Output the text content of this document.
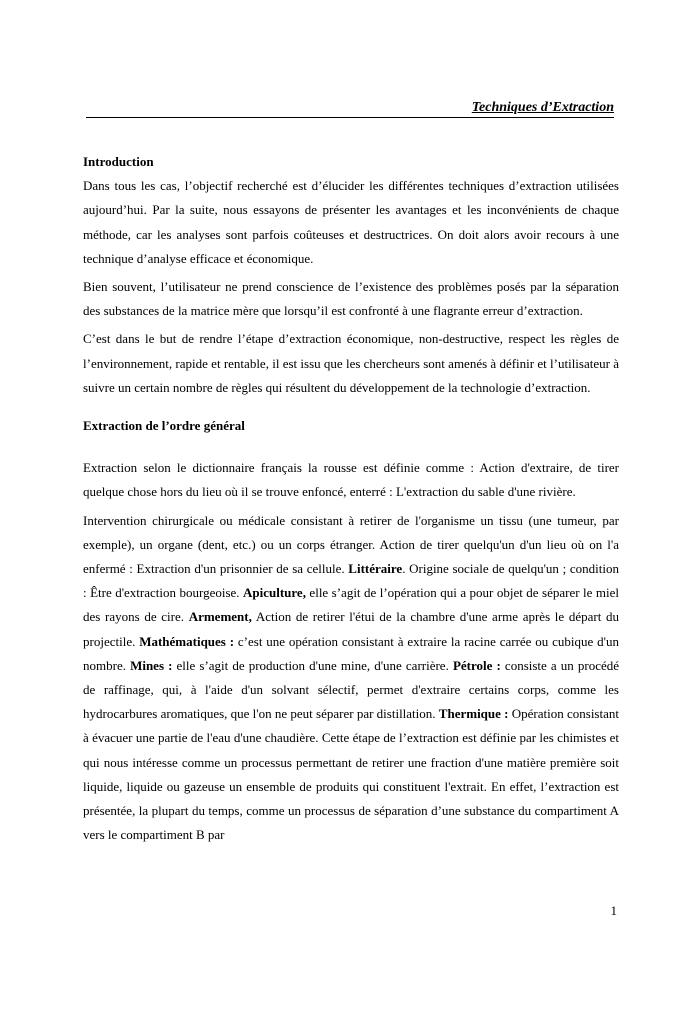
Techniques d’Extraction
Introduction

Dans tous les cas, l’objectif recherché est d’élucider les différentes techniques d’extraction utilisées aujourd’hui. Par la suite, nous essayons de présenter les avantages et les inconvénients de chaque méthode, car les analyses sont parfois coûteuses et destructrices. On doit alors avoir recours à une technique d’analyse efficace et économique.

Bien souvent, l’utilisateur ne prend conscience de l’existence des problèmes posés par la séparation des substances de la matrice mère que lorsqu’il est confronté à une flagrante erreur d’extraction.

C’est dans le but de rendre l’étape d’extraction économique, non-destructive, respect les règles de l’environnement, rapide et rentable, il est issu que les chercheurs sont amenés à définir et l’utilisateur à suivre un certain nombre de règles qui résultent du développement de la technologie d’extraction.

Extraction de l’ordre général

Extraction selon le dictionnaire français la rousse est définie comme : Action d'extraire, de tirer quelque chose hors du lieu où il se trouve enfoncé, enterré : L'extraction du sable d'une rivière.

Intervention chirurgicale ou médicale consistant à retirer de l'organisme un tissu (une tumeur, par exemple), un organe (dent, etc.) ou un corps étranger. Action de tirer quelqu'un d'un lieu où on l'a enfermé : Extraction d'un prisonnier de sa cellule. Littéraire. Origine sociale de quelqu'un ; condition : Être d'extraction bourgeoise. Apiculture, elle s’agit de l’opération qui a pour objet de séparer le miel des rayons de cire. Armement, Action de retirer l'étui de la chambre d'une arme après le départ du projectile. Mathématiques : c’est une opération consistant à extraire la racine carrée ou cubique d'un nombre. Mines : elle s’agit de production d'une mine, d'une carrière. Pétrole : consiste a un procédé de raffinage, qui, à l'aide d'un solvant sélectif, permet d'extraire certains corps, comme les hydrocarbures aromatiques, que l'on ne peut séparer par distillation. Thermique : Opération consistant à évacuer une partie de l'eau d'une chaudière. Cette étape de l’extraction est définie par les chimistes et qui nous intéresse comme un processus permettant de retirer une fraction d'une matière première soit liquide, liquide ou gazeuse un ensemble de produits qui constituent l'extrait. En effet, l’extraction est présentée, la plupart du temps, comme un processus de séparation d’une substance du compartiment A vers le compartiment B par

1
